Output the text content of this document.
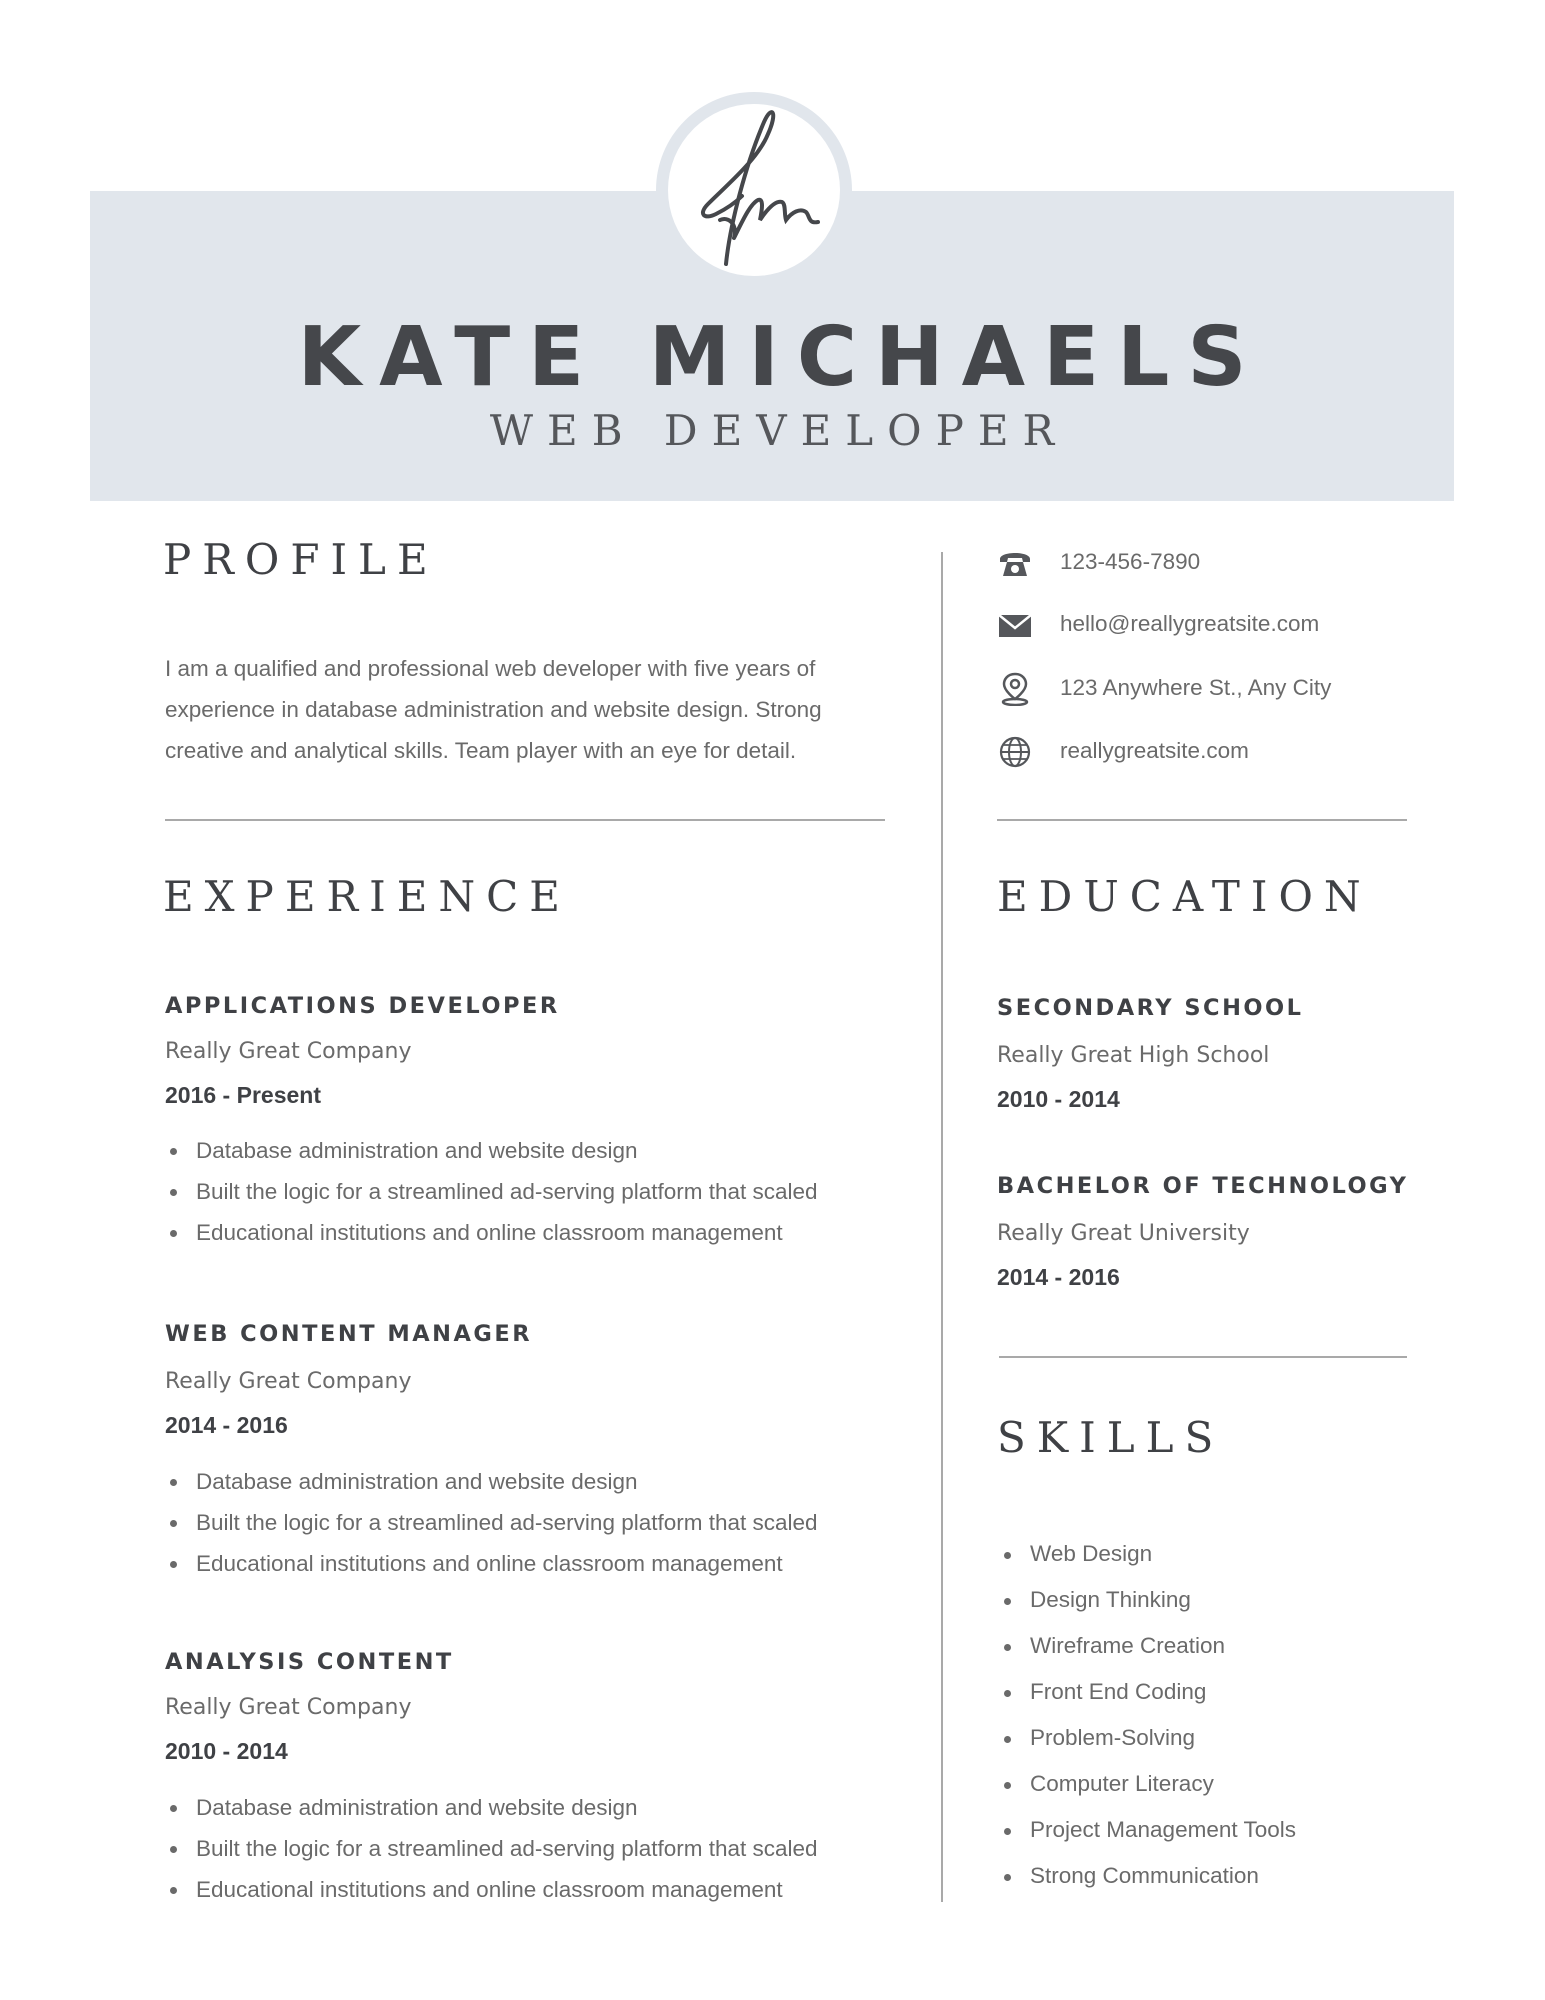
KATE MICHAELS
WEB DEVELOPER
PROFILE
I am a qualified and professional web developer with five years of experience in database administration and website design. Strong creative and analytical skills. Team player with an eye for detail.
123-456-7890
hello@reallygreatsite.com
123 Anywhere St., Any City
reallygreatsite.com
EXPERIENCE
APPLICATIONS DEVELOPER
Really Great Company
2016 - Present
Database administration and website design
Built the logic for a streamlined ad-serving platform that scaled
Educational institutions and online classroom management
WEB CONTENT MANAGER
Really Great Company
2014 - 2016
Database administration and website design
Built the logic for a streamlined ad-serving platform that scaled
Educational institutions and online classroom management
ANALYSIS CONTENT
Really Great Company
2010 - 2014
Database administration and website design
Built the logic for a streamlined ad-serving platform that scaled
Educational institutions and online classroom management
EDUCATION
SECONDARY SCHOOL
Really Great High School
2010 - 2014
BACHELOR OF TECHNOLOGY
Really Great University
2014 - 2016
SKILLS
Web Design
Design Thinking
Wireframe Creation
Front End Coding
Problem-Solving
Computer Literacy
Project Management Tools
Strong Communication
